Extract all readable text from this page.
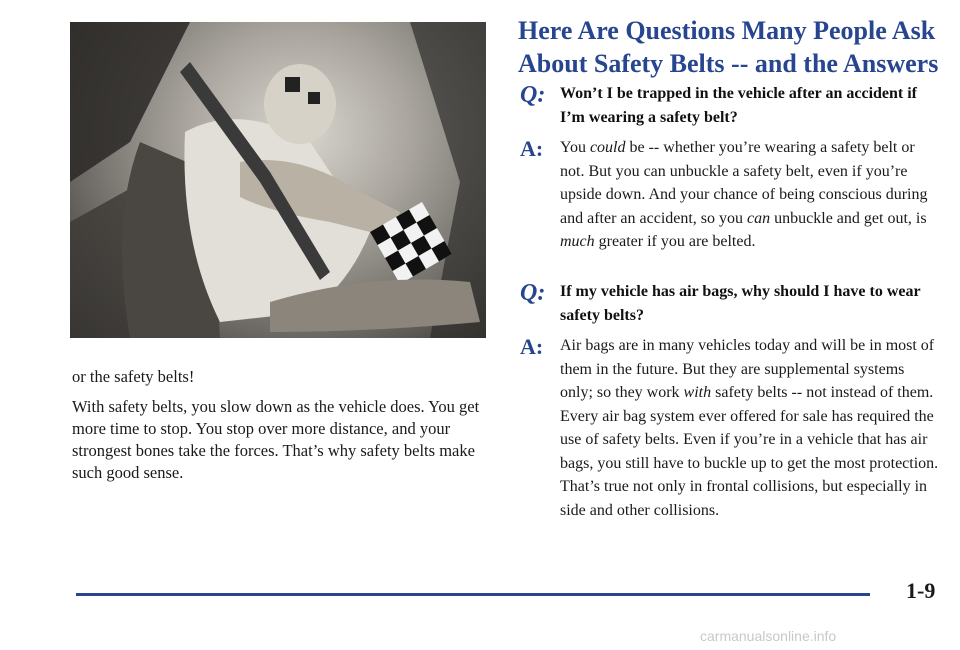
or the safety belts!

With safety belts, you slow down as the vehicle does. You get more time to stop. You stop over more distance, and your strongest bones take the forces. That’s why safety belts make such good sense.

Here Are Questions Many People Ask
About Safety Belts -- and the Answers
Q: Won’t I be trapped in the vehicle after an accident if I’m wearing a safety belt?

A:	You could be -- whether you’re wearing a safety belt or not. But you can unbuckle a safety belt, even if you’re upside down. And your chance of being conscious during and after an accident, so you can unbuckle and get out, is much greater if you are belted.

Q: If my vehicle has air bags, why should I have to wear safety belts?

A:	Air bags are in many vehicles today and will be in most of them in the future. But they are supplemental systems only; so they work with safety belts -- not instead of them. Every air bag system ever offered for sale has required the use of safety belts. Even if you’re in a vehicle that has air bags, you still have to buckle up to get the most protection. That’s true not only in frontal collisions, but especially in side and other collisions.

1-9
carmanualsonline.info
